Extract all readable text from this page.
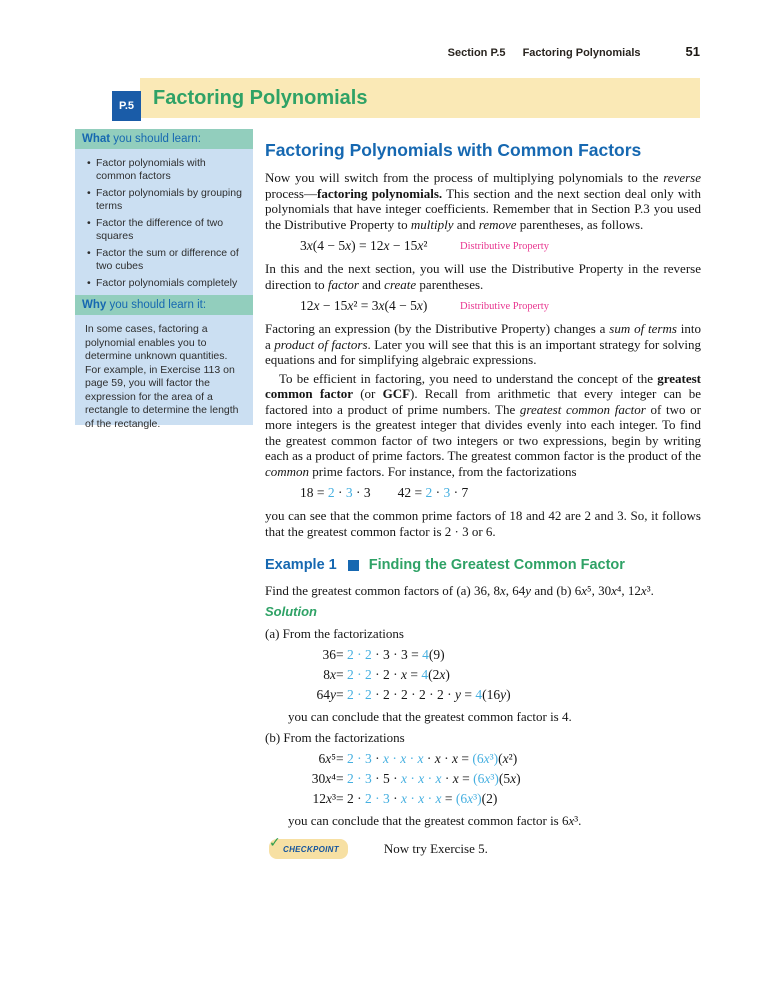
Section P.5 Factoring Polynomials	51
Factoring Polynomials
P.5
What you should learn:
• Factor polynomials with common factors
• Factor polynomials by grouping terms
• Factor the difference of two squares
• Factor the sum or difference of two cubes
• Factor polynomials completely
Why you should learn it:

In some cases, factoring a polynomial enables you to determine unknown quantities. For example, in Exercise 113 on page 59, you will factor the expression for the area of a rectangle to determine the length of the rectangle.

Factoring Polynomials with Common Factors

Now you will switch from the process of multiplying polynomials to the reverse process—factoring polynomials. This section and the next section deal only with polynomials that have integer coefficients. Remember that in Section P.3 you used the Distributive Property to multiply and remove parentheses, as follows.

3x(4 − 5x) = 12x − 15x²	Distributive Property

In this and the next section, you will use the Distributive Property in the reverse direction to factor and create parentheses.

12x − 15x² = 3x(4 − 5x)	Distributive Property

Factoring an expression (by the Distributive Property) changes a sum of terms into a product of factors. Later you will see that this is an important strategy for solving equations and for simplifying algebraic expressions.

To be efficient in factoring, you need to understand the concept of the greatest common factor (or GCF). Recall from arithmetic that every integer can be factored into a product of prime numbers. The greatest common factor of two or more integers is the greatest integer that divides evenly into each integer. To find the greatest common factor of two integers or two expressions, begin by writing each as a product of prime factors. The greatest common factor is the product of the common prime factors. For instance, from the factorizations

18 = 2 · 3 · 3        42 = 2 · 3 · 7

you can see that the common prime factors of 18 and 42 are 2 and 3. So, it follows that the greatest common factor is 2 · 3 or 6.

Example 1 Finding the Greatest Common Factor

Find the greatest common factors of (a) 36, 8x, 64y and (b) 6x⁵, 30x⁴, 12x³.

Solution

(a) From the factorizations

36 = 2 · 2 · 3 · 3 = 4(9)
8x = 2 · 2 · 2 · x = 4(2x)
64y = 2 · 2 · 2 · 2 · 2 · 2 · y = 4(16y)

you can conclude that the greatest common factor is 4.

(b) From the factorizations

6x⁵ = 2 · 3 · x · x · x · x · x = (6x³)(x²)
30x⁴ = 2 · 3 · 5 · x · x · x · x = (6x³)(5x)
12x³ = 2 · 2 · 3 · x · x · x = (6x³)(2)

you can conclude that the greatest common factor is 6x³.

✓ CHECKPOINT	Now try Exercise 5.
